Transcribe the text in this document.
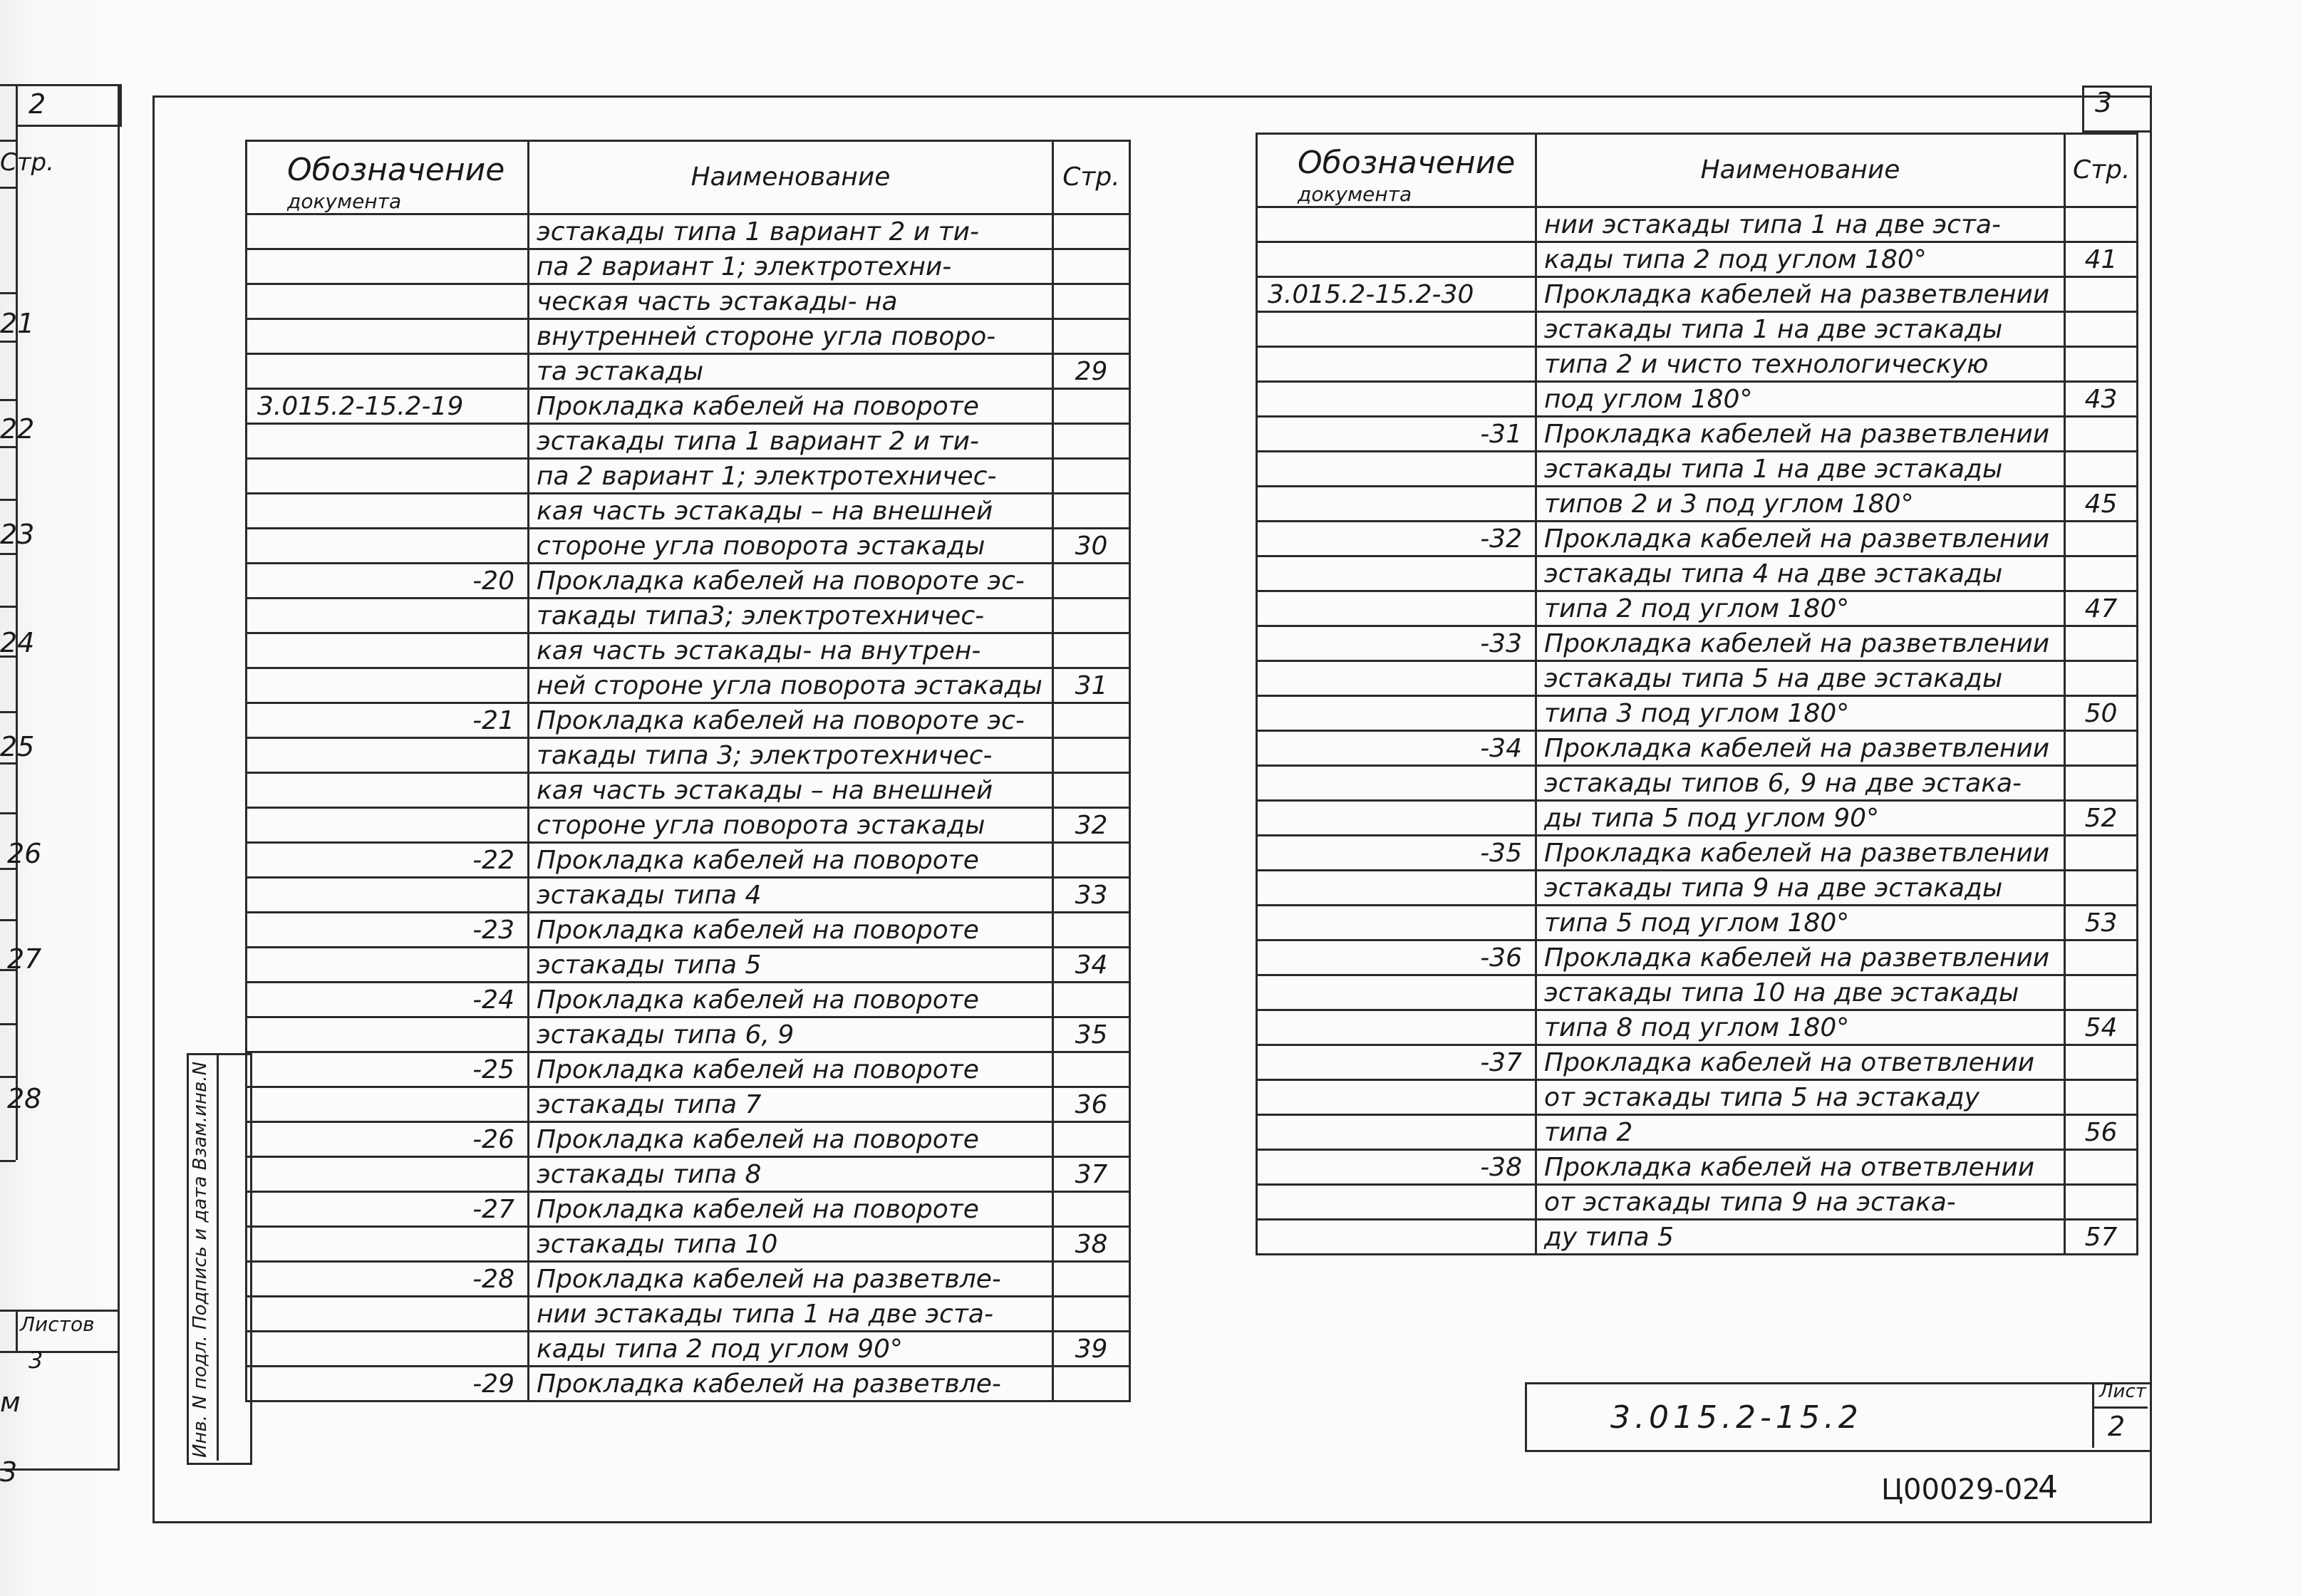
2
Стр.
21
22
23
24
25
26
27
28
Листов
3
м
3
3
Инв. N подл. Подпись и дата Взам.инв.N
Обозначение
документа	Наименование	Стр.
	эстакады типа 1 вариант 2 и ти-	
	па 2 вариант 1; электротехни-	
	ческая часть эстакады- на	
	внутренней стороне угла поворо-	
	та эстакады	29
3.015.2-15.2-19	Прокладка кабелей на повороте	
	эстакады типа 1 вариант 2 и ти-	
	па 2 вариант 1; электротехничес-	
	кая часть эстакады – на внешней	
	стороне угла поворота эстакады	30
-20	Прокладка кабелей на повороте эс-	
	такады типа3; электротехничес-	
	кая часть эстакады- на внутрен-	
	ней стороне угла поворота эстакады	31
-21	Прокладка кабелей на повороте эс-	
	такады типа 3; электротехничес-	
	кая часть эстакады – на внешней	
	стороне угла поворота эстакады	32
-22	Прокладка кабелей на повороте	
	эстакады типа 4	33
-23	Прокладка кабелей на повороте	
	эстакады типа 5	34
-24	Прокладка кабелей на повороте	
	эстакады типа 6, 9	35
-25	Прокладка кабелей на повороте	
	эстакады типа 7	36
-26	Прокладка кабелей на повороте	
	эстакады типа 8	37
-27	Прокладка кабелей на повороте	
	эстакады типа 10	38
-28	Прокладка кабелей на разветвле-	
	нии эстакады типа 1 на две эста-	
	кады типа 2 под углом 90°	39
-29	Прокладка кабелей на разветвле-	
Обозначение
документа	Наименование	Стр.
	нии эстакады типа 1 на две эста-	
	кады типа 2 под углом 180°	41
3.015.2-15.2-30	Прокладка кабелей на разветвлении	
	эстакады типа 1 на две эстакады	
	типа 2 и чисто технологическую	
	под углом 180°	43
-31	Прокладка кабелей на разветвлении	
	эстакады типа 1 на две эстакады	
	типов 2 и 3 под углом 180°	45
-32	Прокладка кабелей на разветвлении	
	эстакады типа 4 на две эстакады	
	типа 2 под углом 180°	47
-33	Прокладка кабелей на разветвлении	
	эстакады типа 5 на две эстакады	
	типа 3 под углом 180°	50
-34	Прокладка кабелей на разветвлении	
	эстакады типов 6, 9 на две эстака-	
	ды типа 5 под углом 90°	52
-35	Прокладка кабелей на разветвлении	
	эстакады типа 9 на две эстакады	
	типа 5 под углом 180°	53
-36	Прокладка кабелей на разветвлении	
	эстакады типа 10 на две эстакады	
	типа 8 под углом 180°	54
-37	Прокладка кабелей на ответвлении	
	от эстакады типа 5 на эстакаду	
	типа 2	56
-38	Прокладка кабелей на ответвлении	
	от эстакады типа 9 на эстака-	
	ду типа 5	57
3.015.2-15.2
Лист
2
Ц00029-02
4
